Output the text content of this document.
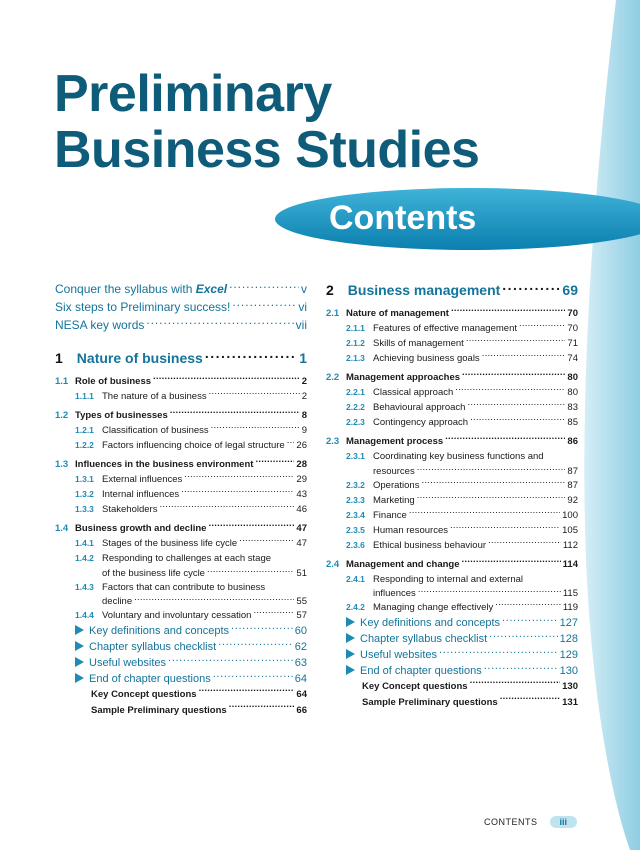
Preliminary
Business Studies
Contents
Conquer the syllabus with Excel . . .	v
Six steps to Preliminary success! . . .	vi
NESA key words . . .	vii
1 Nature of business . . .	1
1.1 Role of business . . .	2
1.1.1 The nature of a business . . .	2
1.2 Types of businesses . . .	8
1.2.1 Classification of business . . .	9
1.2.2 Factors influencing choice of legal structure . . . 26
1.3 Influences in the business environment . . .	28
1.3.1 External influences . . .	29
1.3.2 Internal influences . . .	43
1.3.3 Stakeholders . . .	46
1.4 Business growth and decline . . .	47
1.4.1 Stages of the business life cycle . . .	47
1.4.2 Responding to challenges at each stage
of the business life cycle . . .	51
1.4.3 Factors that can contribute to business
decline . . .	55
1.4.4 Voluntary and involuntary cessation . . .	57
Key definitions and concepts . . .	60
Chapter syllabus checklist . . .	62
Useful websites . . .	63
End of chapter questions . . .	64
Key Concept questions . . .	64
Sample Preliminary questions . . .	66
2 Business management . . .	69
2.1 Nature of management . . .	70
2.1.1 Features of effective management . . .	70
2.1.2 Skills of management . . .	71
2.1.3 Achieving business goals . . .	74
2.2 Management approaches . . .	80
2.2.1 Classical approach . . .	80
2.2.2 Behavioural approach . . .	83
2.2.3 Contingency approach . . .	85
2.3 Management process . . .	86
2.3.1 Coordinating key business functions and
resources . . .	87
2.3.2 Operations . . .	87
2.3.3 Marketing . . .	92
2.3.4 Finance . . .	100
2.3.5 Human resources . . .	105
2.3.6 Ethical business behaviour . . .	112
2.4 Management and change . . .	114
2.4.1 Responding to internal and external
influences . . .	115
2.4.2 Managing change effectively . . .	119
Key definitions and concepts . . .	127
Chapter syllabus checklist . . .	128
Useful websites . . .	129
End of chapter questions . . .	130
Key Concept questions . . .	130
Sample Preliminary questions . . .	131
CONTENTS	iii
